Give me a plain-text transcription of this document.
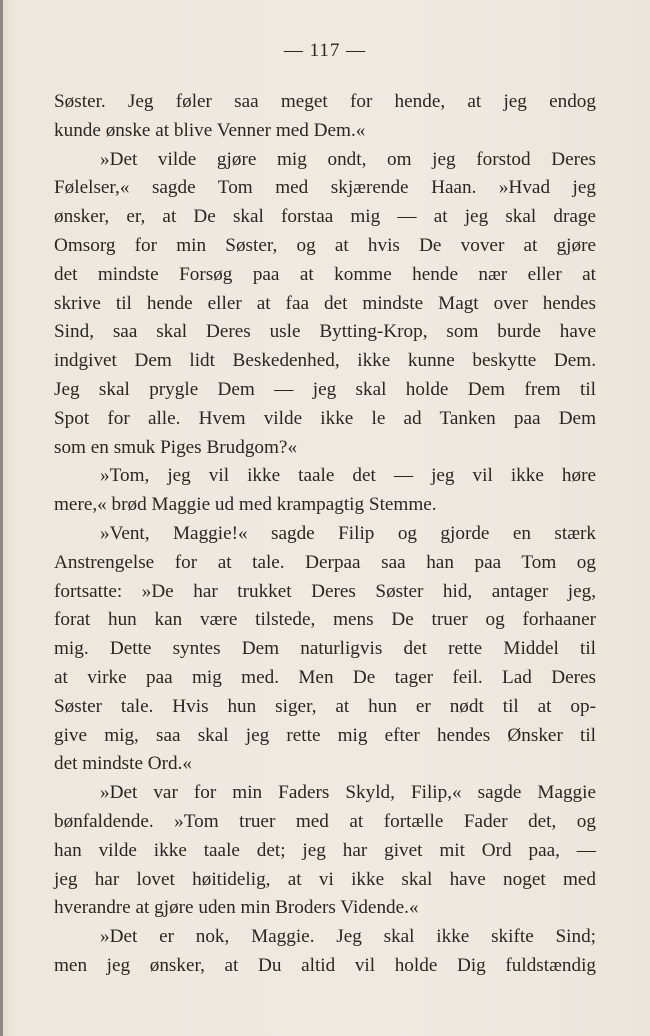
— 117 —
Søster. Jeg føler saa meget for hende, at jeg endog
kunde ønske at blive Venner med Dem.«
»Det vilde gjøre mig ondt, om jeg forstod Deres
Følelser,« sagde Tom med skjærende Haan. »Hvad jeg
ønsker, er, at De skal forstaa mig — at jeg skal drage
Omsorg for min Søster, og at hvis De vover at gjøre
det mindste Forsøg paa at komme hende nær eller at
skrive til hende eller at faa det mindste Magt over hendes
Sind, saa skal Deres usle Bytting-Krop, som burde have
indgivet Dem lidt Beskedenhed, ikke kunne beskytte Dem.
Jeg skal prygle Dem — jeg skal holde Dem frem til
Spot for alle. Hvem vilde ikke le ad Tanken paa Dem
som en smuk Piges Brudgom?«
»Tom, jeg vil ikke taale det — jeg vil ikke høre
mere,« brød Maggie ud med krampagtig Stemme.
»Vent, Maggie!« sagde Filip og gjorde en stærk
Anstrengelse for at tale. Derpaa saa han paa Tom og
fortsatte: »De har trukket Deres Søster hid, antager jeg,
forat hun kan være tilstede, mens De truer og forhaaner
mig. Dette syntes Dem naturligvis det rette Middel til
at virke paa mig med. Men De tager feil. Lad Deres
Søster tale. Hvis hun siger, at hun er nødt til at op-
give mig, saa skal jeg rette mig efter hendes Ønsker til
det mindste Ord.«
»Det var for min Faders Skyld, Filip,« sagde Maggie
bønfaldende. »Tom truer med at fortælle Fader det, og
han vilde ikke taale det; jeg har givet mit Ord paa, —
jeg har lovet høitidelig, at vi ikke skal have noget med
hverandre at gjøre uden min Broders Vidende.«
»Det er nok, Maggie. Jeg skal ikke skifte Sind;
men jeg ønsker, at Du altid vil holde Dig fuldstændig
